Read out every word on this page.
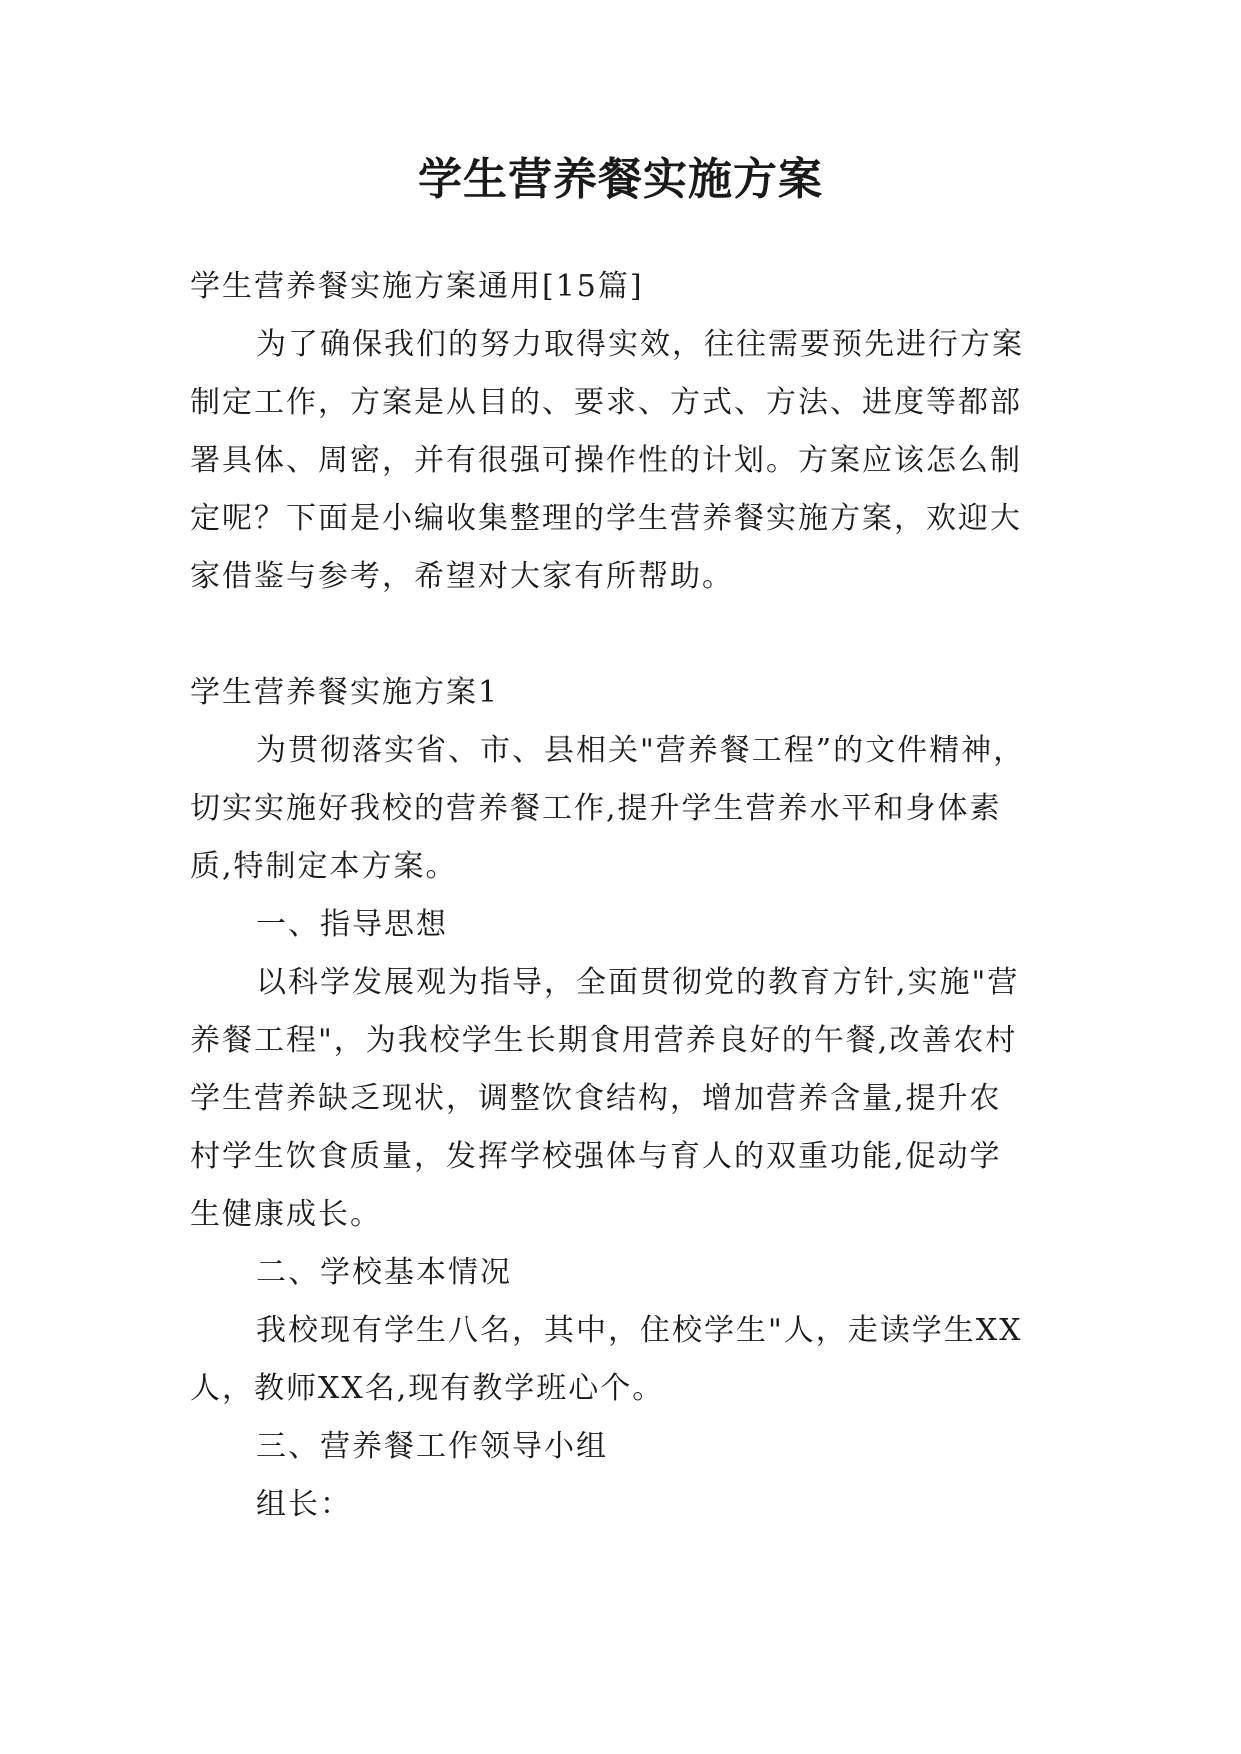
学生营养餐实施方案
学生营养餐实施方案通用[15篇]
为了确保我们的努力取得实效，往往需要预先进行方案
制定工作，方案是从目的、要求、方式、方法、进度等都部
署具体、周密，并有很强可操作性的计划。方案应该怎么制
定呢？下面是小编收集整理的学生营养餐实施方案，欢迎大
家借鉴与参考，希望对大家有所帮助。
学生营养餐实施方案1
为贯彻落实省、市、县相关"营养餐工程”的文件精神，
切实实施好我校的营养餐工作,提升学生营养水平和身体素
质,特制定本方案。
一、指导思想
以科学发展观为指导，全面贯彻党的教育方针,实施"营
养餐工程"，为我校学生长期食用营养良好的午餐,改善农村
学生营养缺乏现状，调整饮食结构，增加营养含量,提升农
村学生饮食质量，发挥学校强体与育人的双重功能,促动学
生健康成长。
二、学校基本情况
我校现有学生八名，其中，住校学生"人，走读学生XX
人，教师XX名,现有教学班心个。
三、营养餐工作领导小组
组长：
